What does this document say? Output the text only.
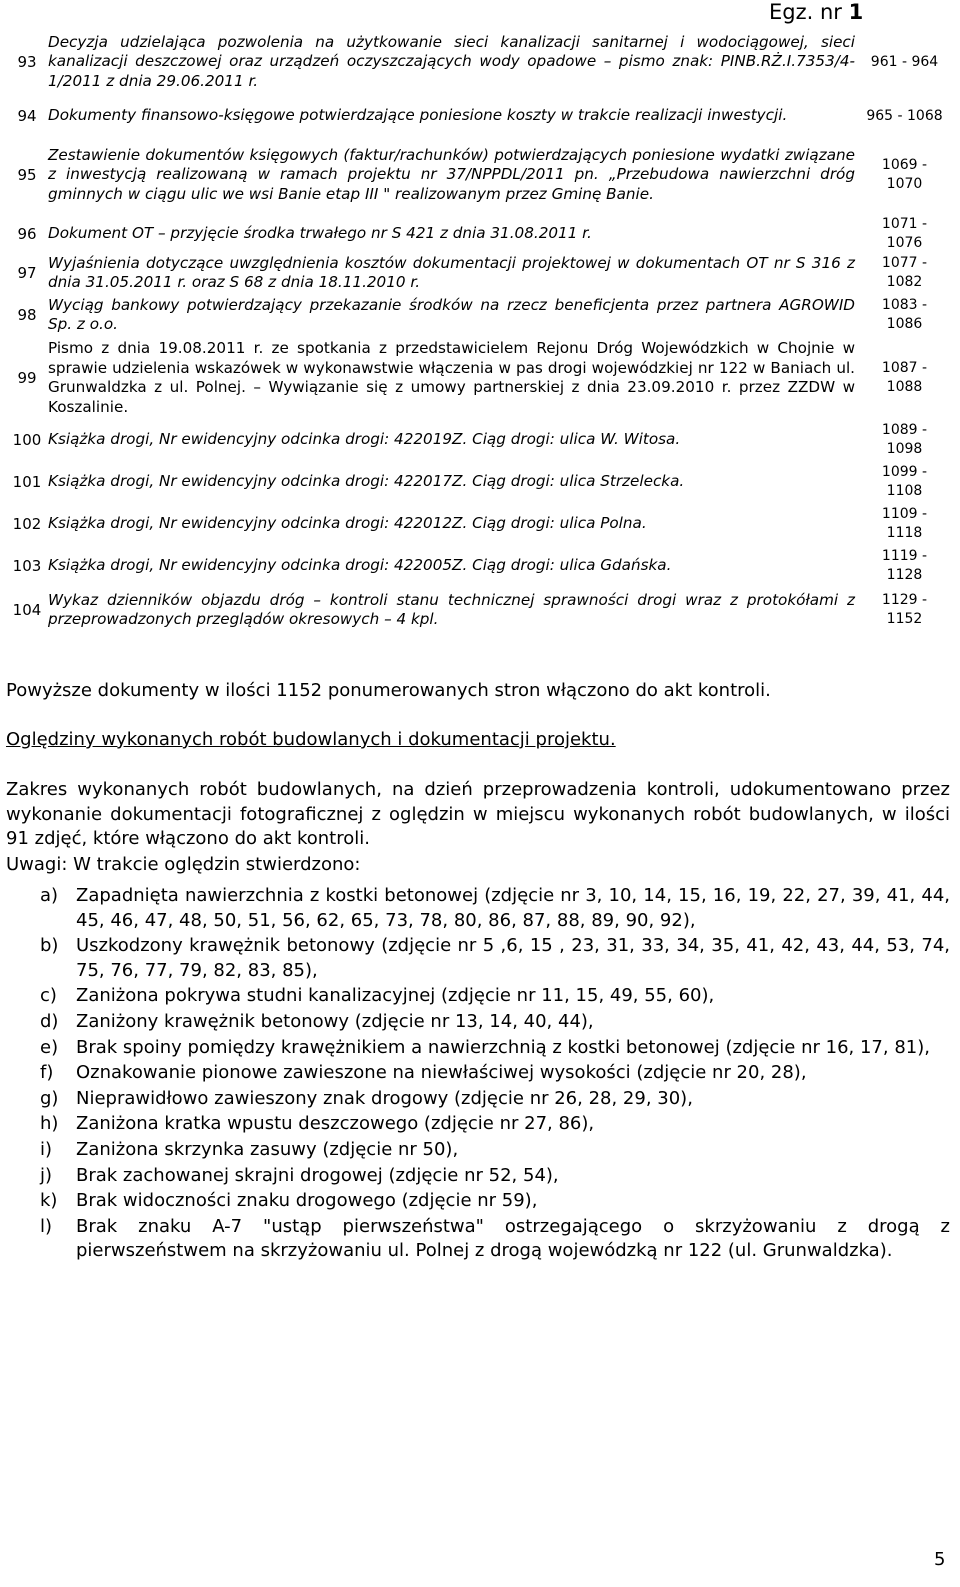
Egz. nr 1
93	Decyzja udzielająca pozwolenia na użytkowanie sieci kanalizacji sanitarnej i wodociągowej, sieci kanalizacji deszczowej oraz urządzeń oczyszczających wody opadowe – pismo znak: PINB.RŻ.I.7353/4-1/2011 z dnia 29.06.2011 r.	961 - 964
94	Dokumenty finansowo-księgowe potwierdzające poniesione koszty w trakcie realizacji inwestycji.	965 - 1068
95	Zestawienie dokumentów księgowych (faktur/rachunków) potwierdzających poniesione wydatki związane z inwestycją realizowaną w ramach projektu nr 37/NPPDL/2011 pn. „Przebudowa nawierzchni dróg gminnych w ciągu ulic we wsi Banie etap III " realizowanym przez Gminę Banie.	1069 - 1070
96	Dokument OT – przyjęcie środka trwałego nr S 421 z dnia 31.08.2011 r.	1071 - 1076
97	Wyjaśnienia dotyczące uwzględnienia kosztów dokumentacji projektowej w dokumentach OT nr S 316 z dnia 31.05.2011 r. oraz S 68 z dnia 18.11.2010 r.	1077 - 1082
98	Wyciąg bankowy potwierdzający przekazanie środków na rzecz beneficjenta przez partnera AGROWID Sp. z o.o.	1083 - 1086
99	Pismo z dnia 19.08.2011 r. ze spotkania z przedstawicielem Rejonu Dróg Wojewódzkich w Chojnie w sprawie udzielenia wskazówek w wykonawstwie włączenia w pas drogi wojewódzkiej nr 122 w Baniach ul. Grunwaldzka z ul. Polnej. – Wywiązanie się z umowy partnerskiej z dnia 23.09.2010 r. przez ZZDW w Koszalinie.	1087 - 1088
100	Książka drogi, Nr ewidencyjny odcinka drogi: 422019Z. Ciąg drogi: ulica W. Witosa.	1089 - 1098
101	Książka drogi, Nr ewidencyjny odcinka drogi: 422017Z. Ciąg drogi: ulica Strzelecka.	1099 - 1108
102	Książka drogi, Nr ewidencyjny odcinka drogi: 422012Z. Ciąg drogi: ulica Polna.	1109 - 1118
103	Książka drogi, Nr ewidencyjny odcinka drogi: 422005Z. Ciąg drogi: ulica Gdańska.	1119 - 1128
104	Wykaz dzienników objazdu dróg – kontroli stanu technicznej sprawności drogi wraz z protokółami z przeprowadzonych przeglądów okresowych – 4 kpl.	1129 - 1152
Powyższe dokumenty w ilości 1152 ponumerowanych stron włączono do akt kontroli.
Oględziny wykonanych robót budowlanych i dokumentacji projektu.
Zakres wykonanych robót budowlanych, na dzień przeprowadzenia kontroli, udokumentowano przez wykonanie dokumentacji fotograficznej z oględzin w miejscu wykonanych robót budowlanych, w ilości 91 zdjęć, które włączono do akt kontroli.
Uwagi: W trakcie oględzin stwierdzono:
a) Zapadnięta nawierzchnia z kostki betonowej (zdjęcie nr 3, 10, 14, 15, 16, 19, 22, 27, 39, 41, 44, 45, 46, 47, 48, 50, 51, 56, 62, 65, 73, 78, 80, 86, 87, 88, 89, 90, 92),
b) Uszkodzony krawężnik betonowy (zdjęcie nr 5 ,6, 15 , 23, 31, 33, 34, 35, 41, 42, 43, 44, 53, 74, 75, 76, 77, 79, 82, 83, 85),
c) Zaniżona pokrywa studni kanalizacyjnej (zdjęcie nr 11, 15, 49, 55, 60),
d) Zaniżony krawężnik betonowy (zdjęcie nr 13, 14, 40, 44),
e) Brak spoiny pomiędzy krawężnikiem a nawierzchnią z kostki betonowej (zdjęcie nr 16, 17, 81),
f) Oznakowanie pionowe zawieszone na niewłaściwej wysokości (zdjęcie nr 20, 28),
g) Nieprawidłowo zawieszony znak drogowy (zdjęcie nr 26, 28, 29, 30),
h) Zaniżona kratka wpustu deszczowego (zdjęcie nr 27, 86),
i) Zaniżona skrzynka zasuwy (zdjęcie nr 50),
j) Brak zachowanej skrajni drogowej (zdjęcie nr 52, 54),
k) Brak widoczności znaku drogowego (zdjęcie nr 59),
l) Brak znaku A-7 "ustąp pierwszeństwa" ostrzegającego o skrzyżowaniu z drogą z pierwszeństwem na skrzyżowaniu ul. Polnej z drogą wojewódzką nr 122 (ul. Grunwaldzka).
5
